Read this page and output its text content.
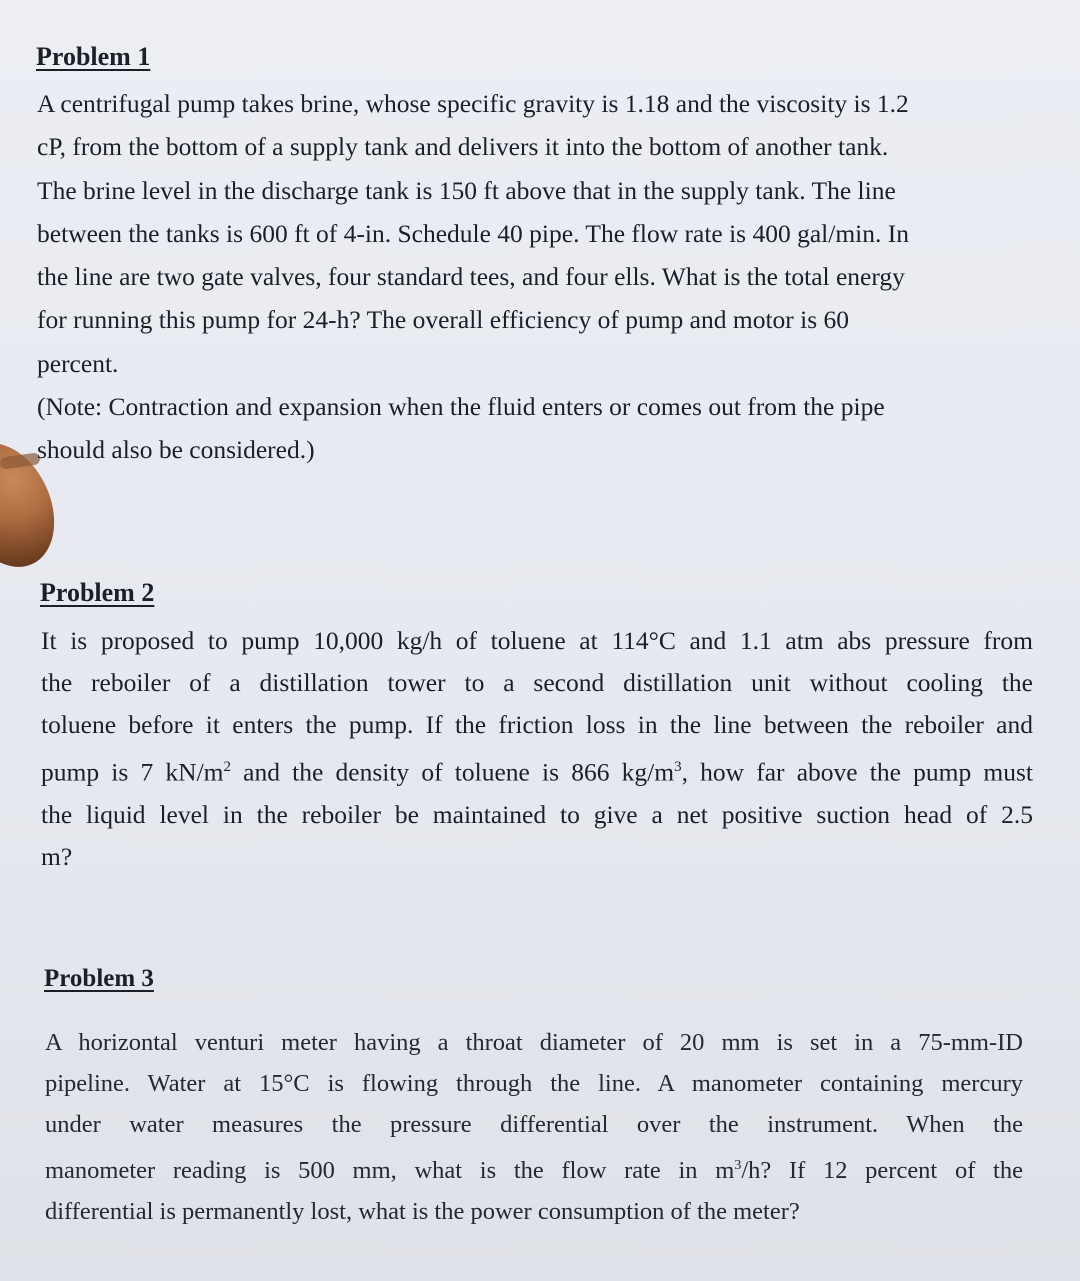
Problem 1
A centrifugal pump takes brine, whose specific gravity is 1.18 and the viscosity is 1.2
cP, from the bottom of a supply tank and delivers it into the bottom of another tank.
The brine level in the discharge tank is 150 ft above that in the supply tank. The line
between the tanks is 600 ft of 4-in. Schedule 40 pipe. The flow rate is 400 gal/min. In
the line are two gate valves, four standard tees, and four ells. What is the total energy
for running this pump for 24-h? The overall efficiency of pump and motor is 60
percent.
(Note: Contraction and expansion when the fluid enters or comes out from the pipe
should also be considered.)
Problem 2
It is proposed to pump 10,000 kg/h of toluene at 114°C and 1.1 atm abs pressure from
the reboiler of a distillation tower to a second distillation unit without cooling the
toluene before it enters the pump. If the friction loss in the line between the reboiler and
pump is 7 $kN/m^2$ and the density of toluene is 866 $kg/m^3$, how far above the pump must
the liquid level in the reboiler be maintained to give a net positive suction head of 2.5
m?
Problem 3
A horizontal venturi meter having a throat diameter of 20 mm is set in a 75-mm-ID
pipeline. Water at 15°C is flowing through the line. A manometer containing mercury
under water measures the pressure differential over the instrument. When the
manometer reading is 500 mm, what is the flow rate in $m^3/h$? If 12 percent of the
differential is permanently lost, what is the power consumption of the meter?
